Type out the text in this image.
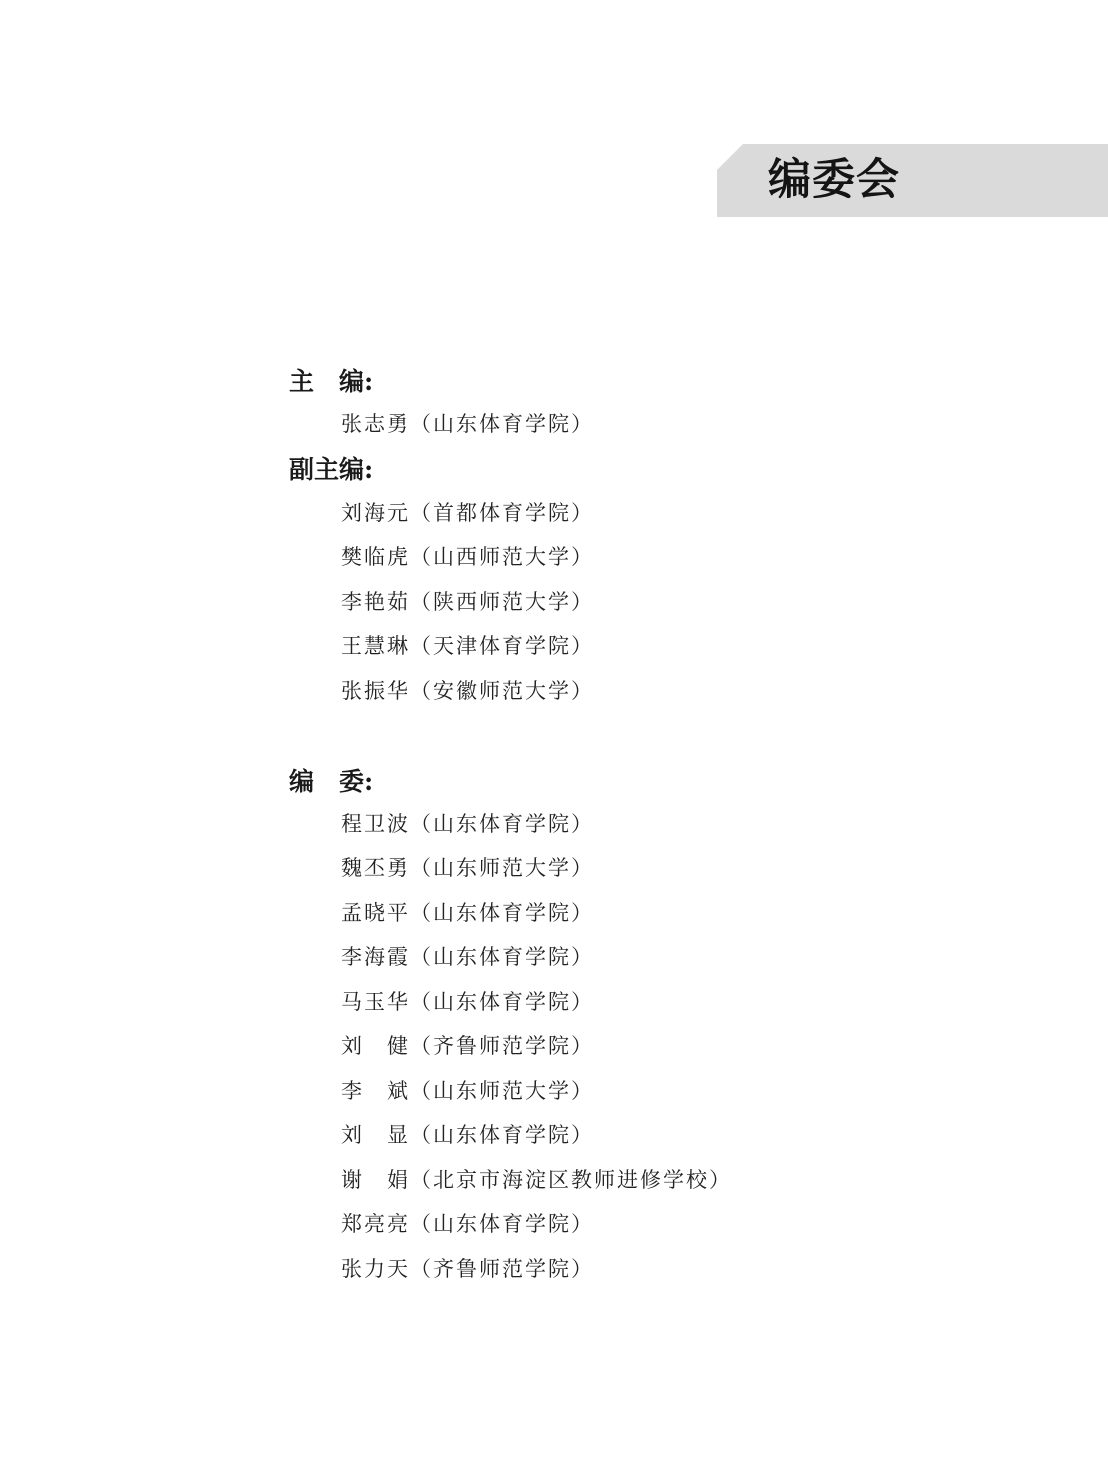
编委会
主　编:
张志勇（山东体育学院）
副主编:
刘海元（首都体育学院）
樊临虎（山西师范大学）
李艳茹（陕西师范大学）
王慧琳（天津体育学院）
张振华（安徽师范大学）
编　委:
程卫波（山东体育学院）
魏丕勇（山东师范大学）
孟晓平（山东体育学院）
李海霞（山东体育学院）
马玉华（山东体育学院）
刘　健（齐鲁师范学院）
李　斌（山东师范大学）
刘　显（山东体育学院）
谢　娟（北京市海淀区教师进修学校）
郑亮亮（山东体育学院）
张力天（齐鲁师范学院）
